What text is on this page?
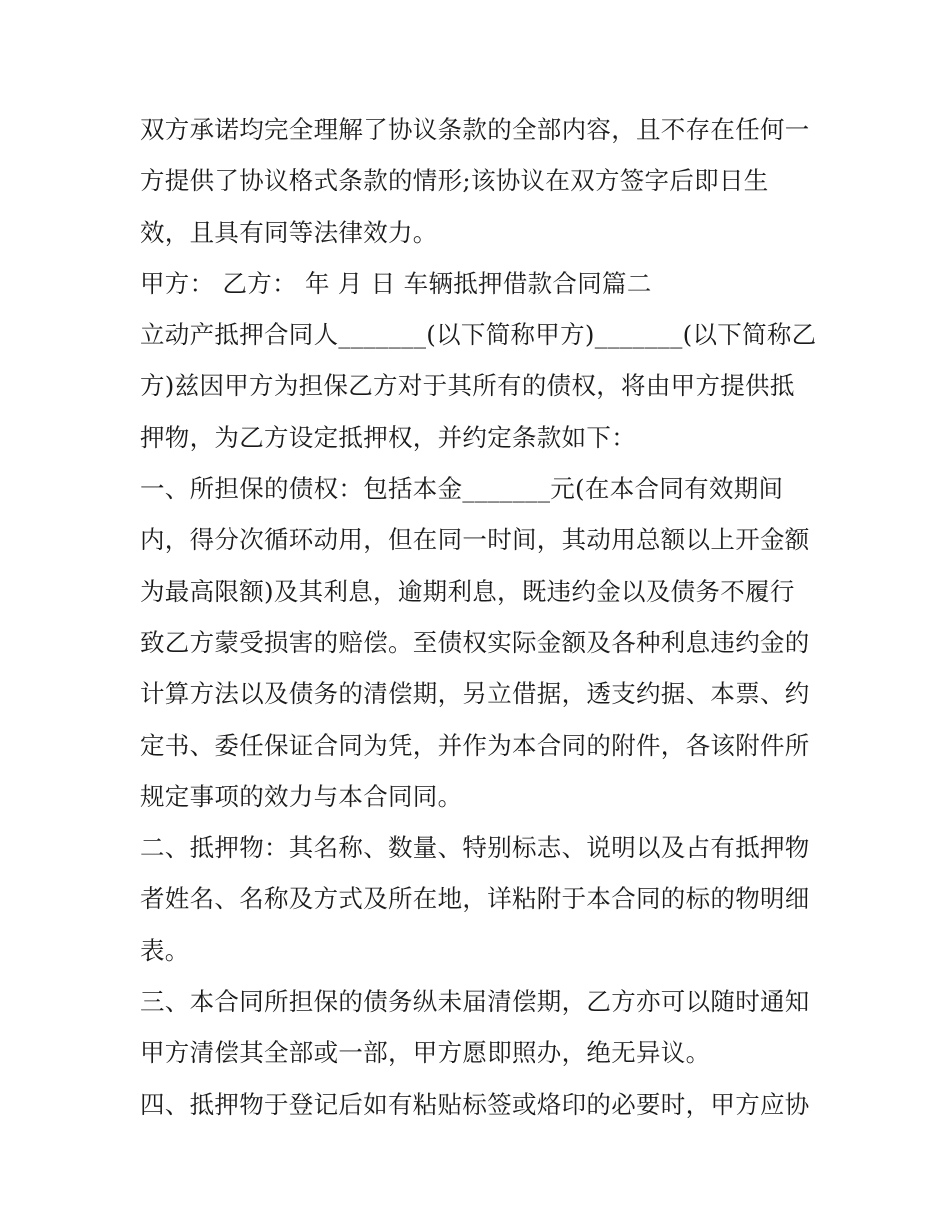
双方承诺均完全理解了协议条款的全部内容，且不存在任何一
方提供了协议格式条款的情形;该协议在双方签字后即日生
效，且具有同等法律效力。
甲方： 乙方： 年 月 日 车辆抵押借款合同篇二
立动产抵押合同人_______(以下简称甲方)_______(以下简称乙
方)兹因甲方为担保乙方对于其所有的债权，将由甲方提供抵
押物，为乙方设定抵押权，并约定条款如下：
一、所担保的债权：包括本金_______元(在本合同有效期间
内，得分次循环动用，但在同一时间，其动用总额以上开金额
为最高限额)及其利息，逾期利息，既违约金以及债务不履行
致乙方蒙受损害的赔偿。至债权实际金额及各种利息违约金的
计算方法以及债务的清偿期，另立借据，透支约据、本票、约
定书、委任保证合同为凭，并作为本合同的附件，各该附件所
规定事项的效力与本合同同。
二、抵押物：其名称、数量、特别标志、说明以及占有抵押物
者姓名、名称及方式及所在地，详粘附于本合同的标的物明细
表。
三、本合同所担保的债务纵未届清偿期，乙方亦可以随时通知
甲方清偿其全部或一部，甲方愿即照办，绝无异议。
四、抵押物于登记后如有粘贴标签或烙印的必要时，甲方应协
